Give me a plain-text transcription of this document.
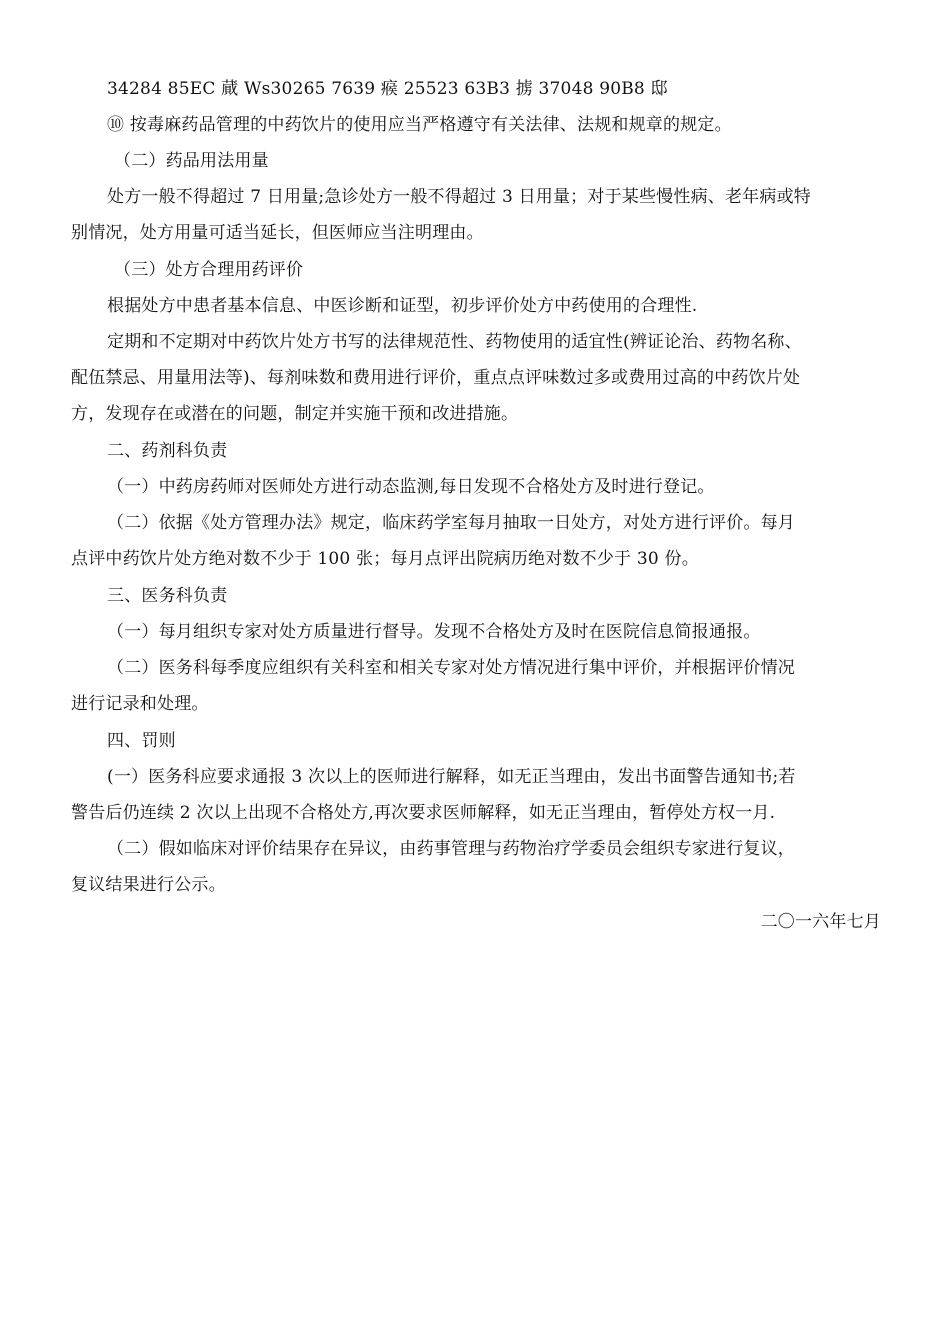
34284 85EC 蕆 Ws30265 7639 瘊 25523 63B3 掳 37048 90B8 邸
⑩ 按毒麻药品管理的中药饮片的使用应当严格遵守有关法律、法规和规章的规定。
（二）药品用法用量
处方一般不得超过 7 日用量;急诊处方一般不得超过 3 日用量；对于某些慢性病、老年病或特
别情况，处方用量可适当延长，但医师应当注明理由。
（三）处方合理用药评价
根据处方中患者基本信息、中医诊断和证型，初步评价处方中药使用的合理性.
定期和不定期对中药饮片处方书写的法律规范性、药物使用的适宜性(辨证论治、药物名称、
配伍禁忌、用量用法等)、每剂味数和费用进行评价，重点点评味数过多或费用过高的中药饮片处
方，发现存在或潜在的问题，制定并实施干预和改进措施。
二、药剂科负责
（一）中药房药师对医师处方进行动态监测,每日发现不合格处方及时进行登记。
（二）依据《处方管理办法》规定，临床药学室每月抽取一日处方，对处方进行评价。每月
点评中药饮片处方绝对数不少于 100 张；每月点评出院病历绝对数不少于 30 份。
三、医务科负责
（一）每月组织专家对处方质量进行督导。发现不合格处方及时在医院信息简报通报。
（二）医务科每季度应组织有关科室和相关专家对处方情况进行集中评价，并根据评价情况
进行记录和处理。
四、罚则
(一）医务科应要求通报 3 次以上的医师进行解释，如无正当理由，发出书面警告通知书;若
警告后仍连续 2 次以上出现不合格处方,再次要求医师解释，如无正当理由，暂停处方权一月.
（二）假如临床对评价结果存在异议，由药事管理与药物治疗学委员会组织专家进行复议，
复议结果进行公示。
二〇一六年七月
